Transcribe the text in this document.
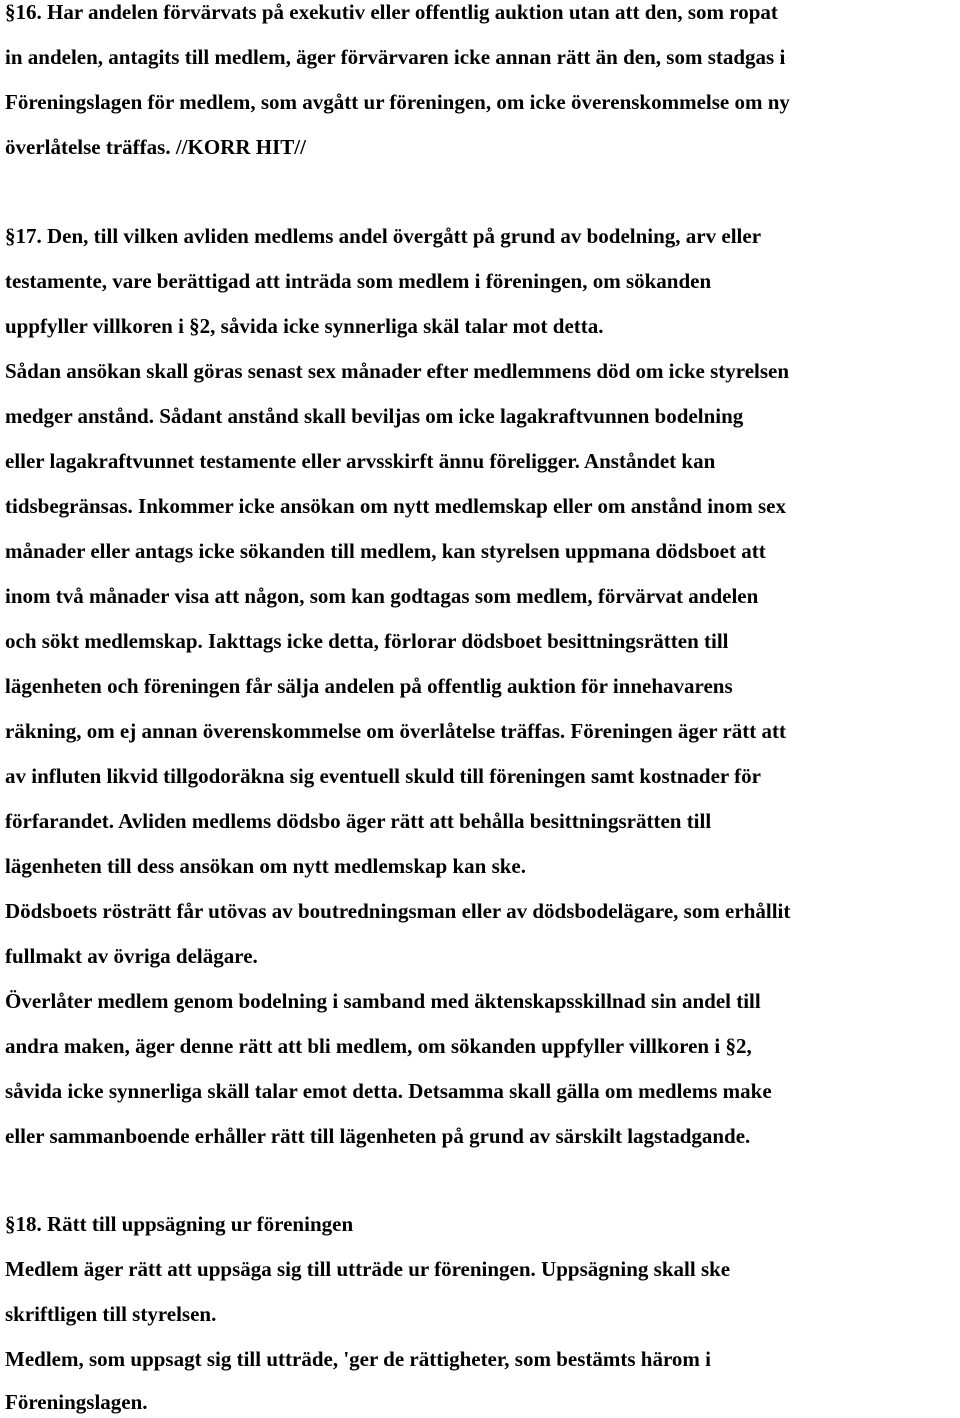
§16. Har andelen förvärvats på exekutiv eller offentlig auktion utan att den, som ropat
in andelen, antagits till medlem, äger förvärvaren icke annan rätt än den, som stadgas i
Föreningslagen för medlem, som avgått ur föreningen, om icke överenskommelse om ny
överlåtelse träffas. //KORR HIT//
§17. Den, till vilken avliden medlems andel övergått på grund av bodelning, arv eller
testamente, vare berättigad att inträda som medlem i föreningen, om sökanden
uppfyller villkoren i §2, såvida icke synnerliga skäl talar mot detta.
Sådan ansökan skall göras senast sex månader efter medlemmens död om icke styrelsen
medger anstånd. Sådant anstånd skall beviljas om icke lagakraftvunnen bodelning
eller lagakraftvunnet testamente eller arvsskirft ännu föreligger. Anståndet kan
tidsbegränsas. Inkommer icke ansökan om nytt medlemskap eller om anstånd inom sex
månader eller antags icke sökanden till medlem, kan styrelsen uppmana dödsboet att
inom två månader visa att någon, som kan godtagas som medlem, förvärvat andelen
och sökt medlemskap. Iakttags icke detta, förlorar dödsboet besittningsrätten till
lägenheten och föreningen får sälja andelen på offentlig auktion för innehavarens
räkning, om ej annan överenskommelse om överlåtelse träffas. Föreningen äger rätt att
av influten likvid tillgodoräkna sig eventuell skuld till föreningen samt kostnader för
förfarandet. Avliden medlems dödsbo äger rätt att behålla besittningsrätten till
lägenheten till dess ansökan om nytt medlemskap kan ske.
Dödsboets rösträtt får utövas av boutredningsman eller av dödsbodelägare, som erhållit
fullmakt av övriga delägare.
Överlåter medlem genom bodelning i samband med äktenskapsskillnad sin andel till
andra maken, äger denne rätt att bli medlem, om sökanden uppfyller villkoren i §2,
såvida icke synnerliga skäll talar emot detta. Detsamma skall gälla om medlems make
eller sammanboende erhåller rätt till lägenheten på grund av särskilt lagstadgande.
§18. Rätt till uppsägning ur föreningen
Medlem äger rätt att uppsäga sig till utträde ur föreningen. Uppsägning skall ske
skriftligen till styrelsen.
Medlem, som uppsagt sig till utträde, 'ger de rättigheter, som bestämts härom i
Föreningslagen.
